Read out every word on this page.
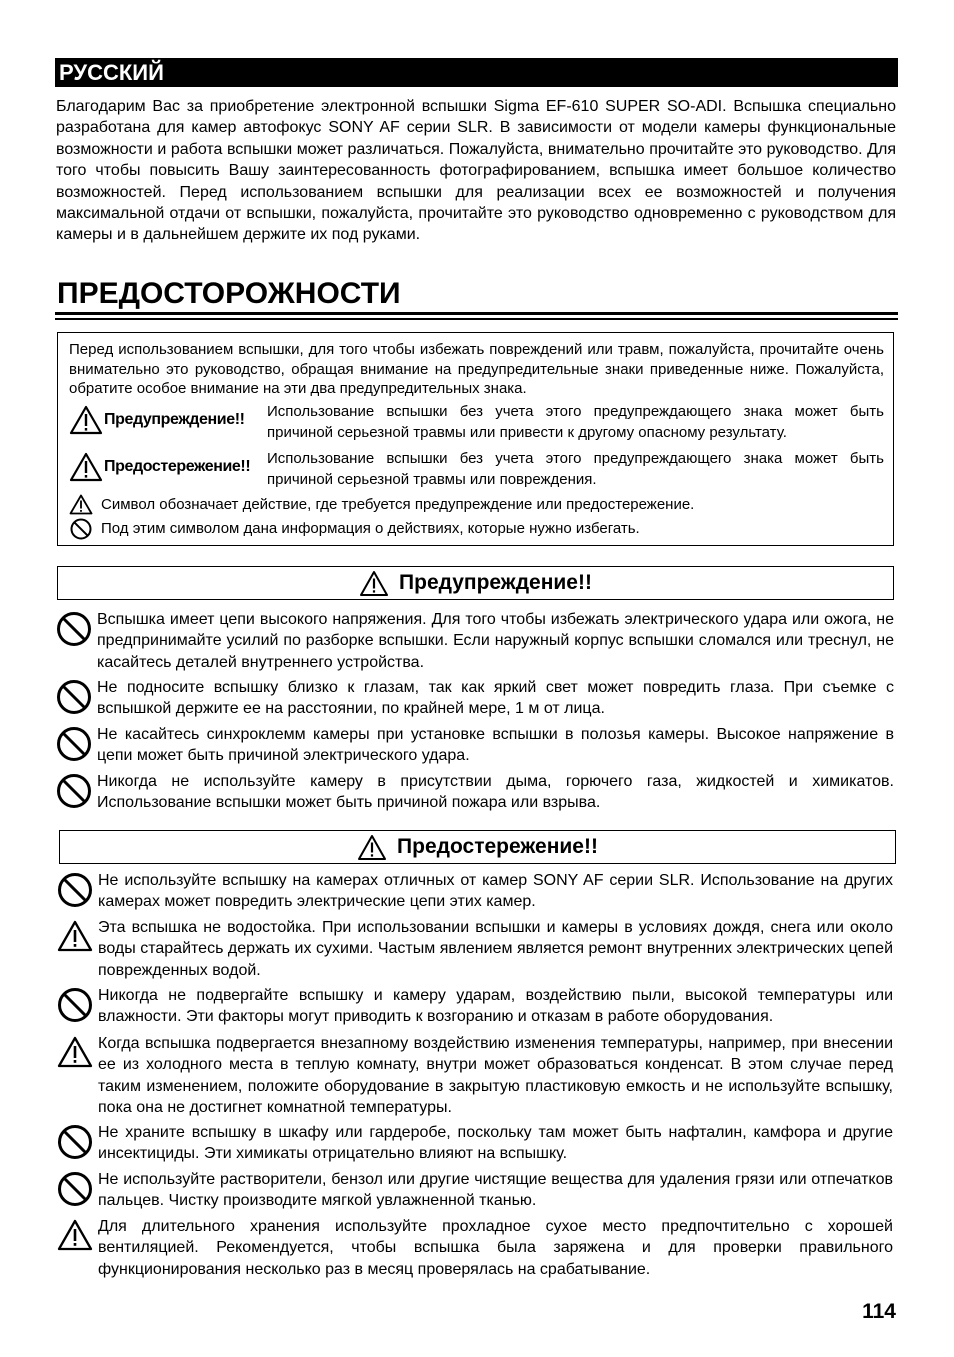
РУССКИЙ
Благодарим Вас за приобретение электронной вспышки Sigma EF-610 SUPER SO-ADI. Вспышка специально разработана для камер автофокус SONY AF серии SLR. В зависимости от модели камеры функциональные возможности и работа вспышки может различаться. Пожалуйста, внимательно прочитайте это руководство. Для того чтобы повысить Вашу заинтересованность фотографированием, вспышка имеет большое количество возможностей. Перед использованием вспышки для реализации всех ее возможностей и получения максимальной отдачи от вспышки, пожалуйста, прочитайте это руководство одновременно с руководством для камеры и в дальнейшем держите их под руками.
ПРЕДОСТОРОЖНОСТИ
Перед использованием вспышки, для того чтобы избежать повреждений или травм, пожалуйста, прочитайте очень внимательно это руководство, обращая внимание на предупредительные знаки приведенные ниже. Пожалуйста, обратите особое внимание на эти два предупредительных знака.
Предупреждение!! Использование вспышки без учета этого предупреждающего знака может быть причиной серьезной травмы или привести к другому опасному результату.
Предостережение!! Использование вспышки без учета этого предупреждающего знака может быть причиной серьезной травмы или повреждения.
Символ обозначает действие, где требуется предупреждение или предостережение.
Под этим символом дана информация о действиях, которые нужно избегать.
Предупреждение!!
Вспышка имеет цепи высокого напряжения. Для того чтобы избежать электрического удара или ожога, не предпринимайте усилий по разборке вспышки. Если наружный корпус вспышки сломался или треснул, не касайтесь деталей внутреннего устройства.
Не подносите вспышку близко к глазам, так как яркий свет может повредить глаза. При съемке с вспышкой держите ее на расстоянии, по крайней мере, 1 м от лица.
Не касайтесь синхроклемм камеры при установке вспышки в полозья камеры. Высокое напряжение в цепи может быть причиной электрического удара.
Никогда не используйте камеру в присутствии дыма, горючего газа, жидкостей и химикатов. Использование вспышки может быть причиной пожара или взрыва.
Предостережение!!
Не используйте вспышку на камерах отличных от камер SONY AF серии SLR. Использование на других камерах может повредить электрические цепи этих камер.
Эта вспышка не водостойка. При использовании вспышки и камеры в условиях дождя, снега или около воды старайтесь держать их сухими. Частым явлением является ремонт внутренних электрических цепей поврежденных водой.
Никогда не подвергайте вспышку и камеру ударам, воздействию пыли, высокой температуры или влажности. Эти факторы могут приводить к возгоранию и отказам в работе оборудования.
Когда вспышка подвергается внезапному воздействию изменения температуры, например, при внесении ее из холодного места в теплую комнату, внутри может образоваться конденсат. В этом случае перед таким изменением, положите оборудование в закрытую пластиковую емкость и не используйте вспышку, пока она не достигнет комнатной температуры.
Не храните вспышку в шкафу или гардеробе, поскольку там может быть нафталин, камфора и другие инсектициды. Эти химикаты отрицательно влияют на вспышку.
Не используйте растворители, бензол или другие чистящие вещества для удаления грязи или отпечатков пальцев. Чистку производите мягкой увлажненной тканью.
Для длительного хранения используйте прохладное сухое место предпочтительно с хорошей вентиляцией. Рекомендуется, чтобы вспышка была заряжена и для проверки правильного функционирования несколько раз в месяц проверялась на срабатывание.
114
